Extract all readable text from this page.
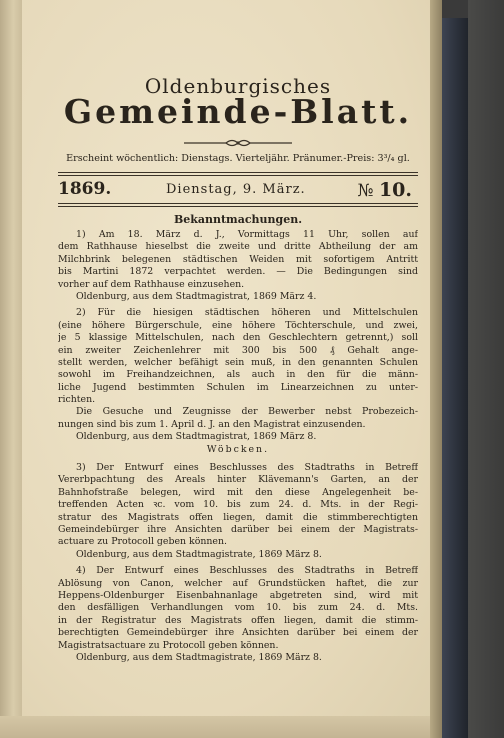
Oldenburgisches
Gemeinde-Blatt.
Erscheint wöchentlich: Dienstags. Vierteljähr. Pränumer.-Preis: 3³/₄ gl.
1869.	Dienstag, 9. März.	№ 10.
Bekanntmachungen.
1) Am 18. März d. J., Vormittags 11 Uhr, sollen auf
dem Rathhause hieselbst die zweite und dritte Abtheilung der am
Milchbrink belegenen städtischen Weiden mit sofortigem Antritt
bis Martini 1872 verpachtet werden. — Die Bedingungen sind
vorher auf dem Rathhause einzusehen.
Oldenburg, aus dem Stadtmagistrat, 1869 März 4.
2) Für die hiesigen städtischen höheren und Mittelschulen
(eine höhere Bürgerschule, eine höhere Töchterschule, und zwei,
je 5 klassige Mittelschulen, nach den Geschlechtern getrennt,) soll
ein zweiter Zeichenlehrer mit 300 bis 500 ₰ Gehalt ange-
stellt werden, welcher befähigt sein muß, in den genannten Schulen
sowohl im Freihandzeichnen, als auch in den für die männ-
liche Jugend bestimmten Schulen im Linearzeichnen zu unter-
richten.
Die Gesuche und Zeugnisse der Bewerber nebst Probezeich-
nungen sind bis zum 1. April d. J. an den Magistrat einzusenden.
Oldenburg, aus dem Stadtmagistrat, 1869 März 8.
Wöbcken.
3) Der Entwurf eines Beschlusses des Stadtraths in Betreff
Vererbpachtung des Areals hinter Klävemann's Garten, an der
Bahnhofstraße belegen, wird mit den diese Angelegenheit be-
treffenden Acten ꝛc. vom 10. bis zum 24. d. Mts. in der Regi-
stratur des Magistrats offen liegen, damit die stimmberechtigten
Gemeindebürger ihre Ansichten darüber bei einem der Magistrats-
actuare zu Protocoll geben können.
Oldenburg, aus dem Stadtmagistrate, 1869 März 8.
4) Der Entwurf eines Beschlusses des Stadtraths in Betreff
Ablösung von Canon, welcher auf Grundstücken haftet, die zur
Heppens-Oldenburger Eisenbahnanlage abgetreten sind, wird mit
den desfälligen Verhandlungen vom 10. bis zum 24. d. Mts.
in der Registratur des Magistrats offen liegen, damit die stimm-
berechtigten Gemeindebürger ihre Ansichten darüber bei einem der
Magistratsactuare zu Protocoll geben können.
Oldenburg, aus dem Stadtmagistrate, 1869 März 8.
